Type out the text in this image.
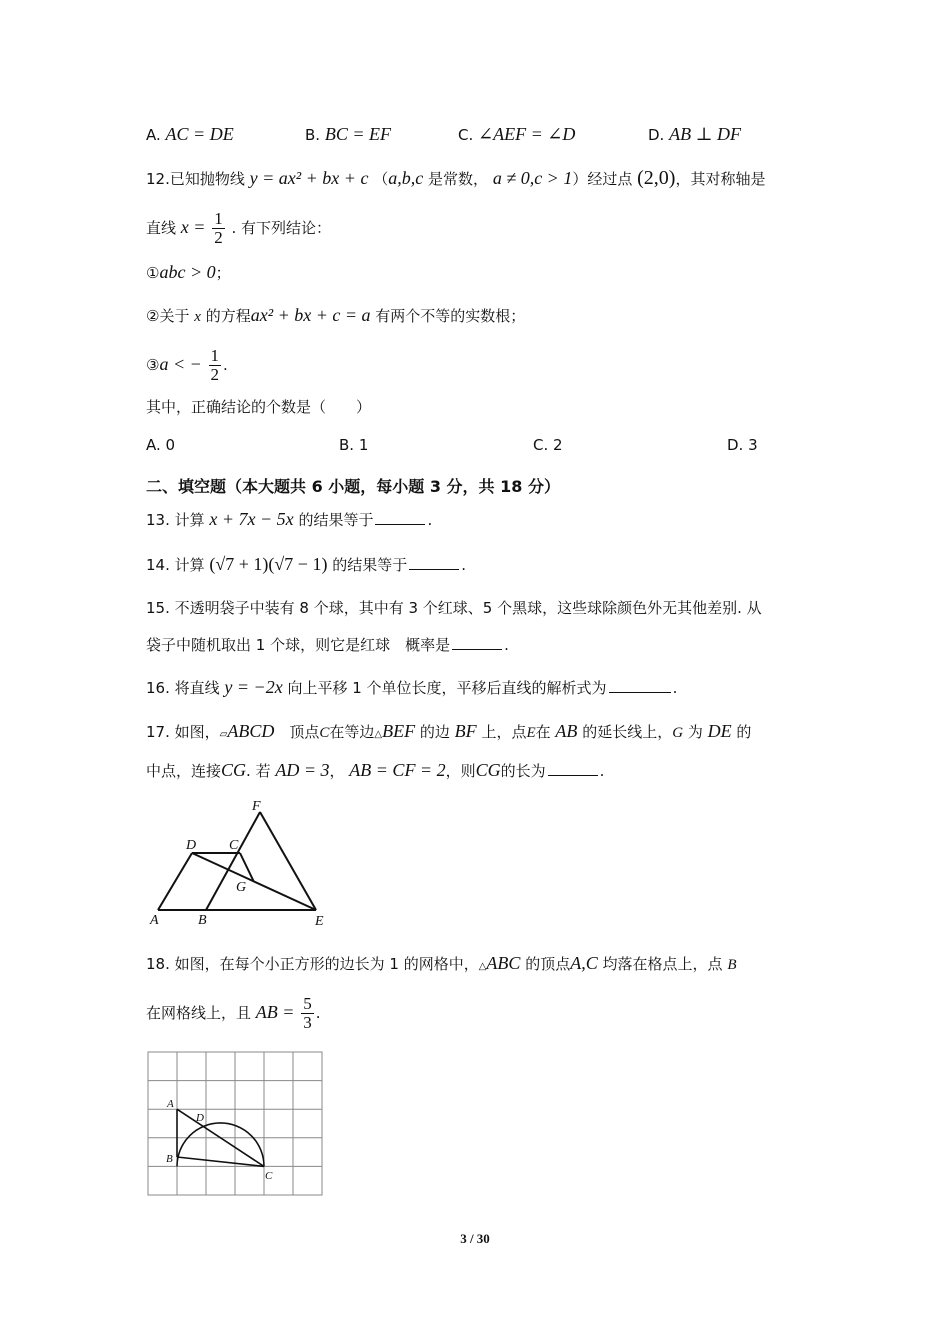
A. AC = DE	B. BC = EF	C. ∠AEF = ∠D	D. AB ⊥ DF
12.已知抛物线 y = ax² + bx + c （a,b,c 是常数， a ≠ 0,c > 1）经过点 (2,0)，其对称轴是
直线 $x = \frac{1}{2}$ . 有下列结论：
①abc > 0；
②关于 x 的方程ax² + bx + c = a 有两个不等的实数根；
③a < − $\frac{1}{2}$ .
其中，正确结论的个数是（　　）
A. 0	B. 1	C. 2	D. 3
二、填空题（本大题共 6 小题，每小题 3 分，共 18 分）
13. 计算 x + 7x − 5x 的结果等于	.
14. 计算 (√7 + 1)(√7 − 1) 的结果等于	.
15. 不透明袋子中装有 8 个球，其中有 3 个红球、5 个黑球，这些球除颜色外无其他差别. 从
袋子中随机取出 1 个球，则它是红球　概率是	.
16. 将直线 y = −2x 向上平移 1 个单位长度，平移后直线的解析式为	.
17. 如图，▱ABCD　顶点C在等边△BEF 的边 BF 上，点E在 AB 的延长线上，G 为 DE 的
中点，连接CG. 若 AD = 3， AB = CF = 2，则CG的长为	.
A	B
C
D
E
F
G
18. 如图，在每个小正方形的边长为 1 的网格中，△ABC 的顶点A,C 均落在格点上，点 B
在网格线上，且 AB = $\frac{5}{3}$ .
A
B
C
D
3 / 30
